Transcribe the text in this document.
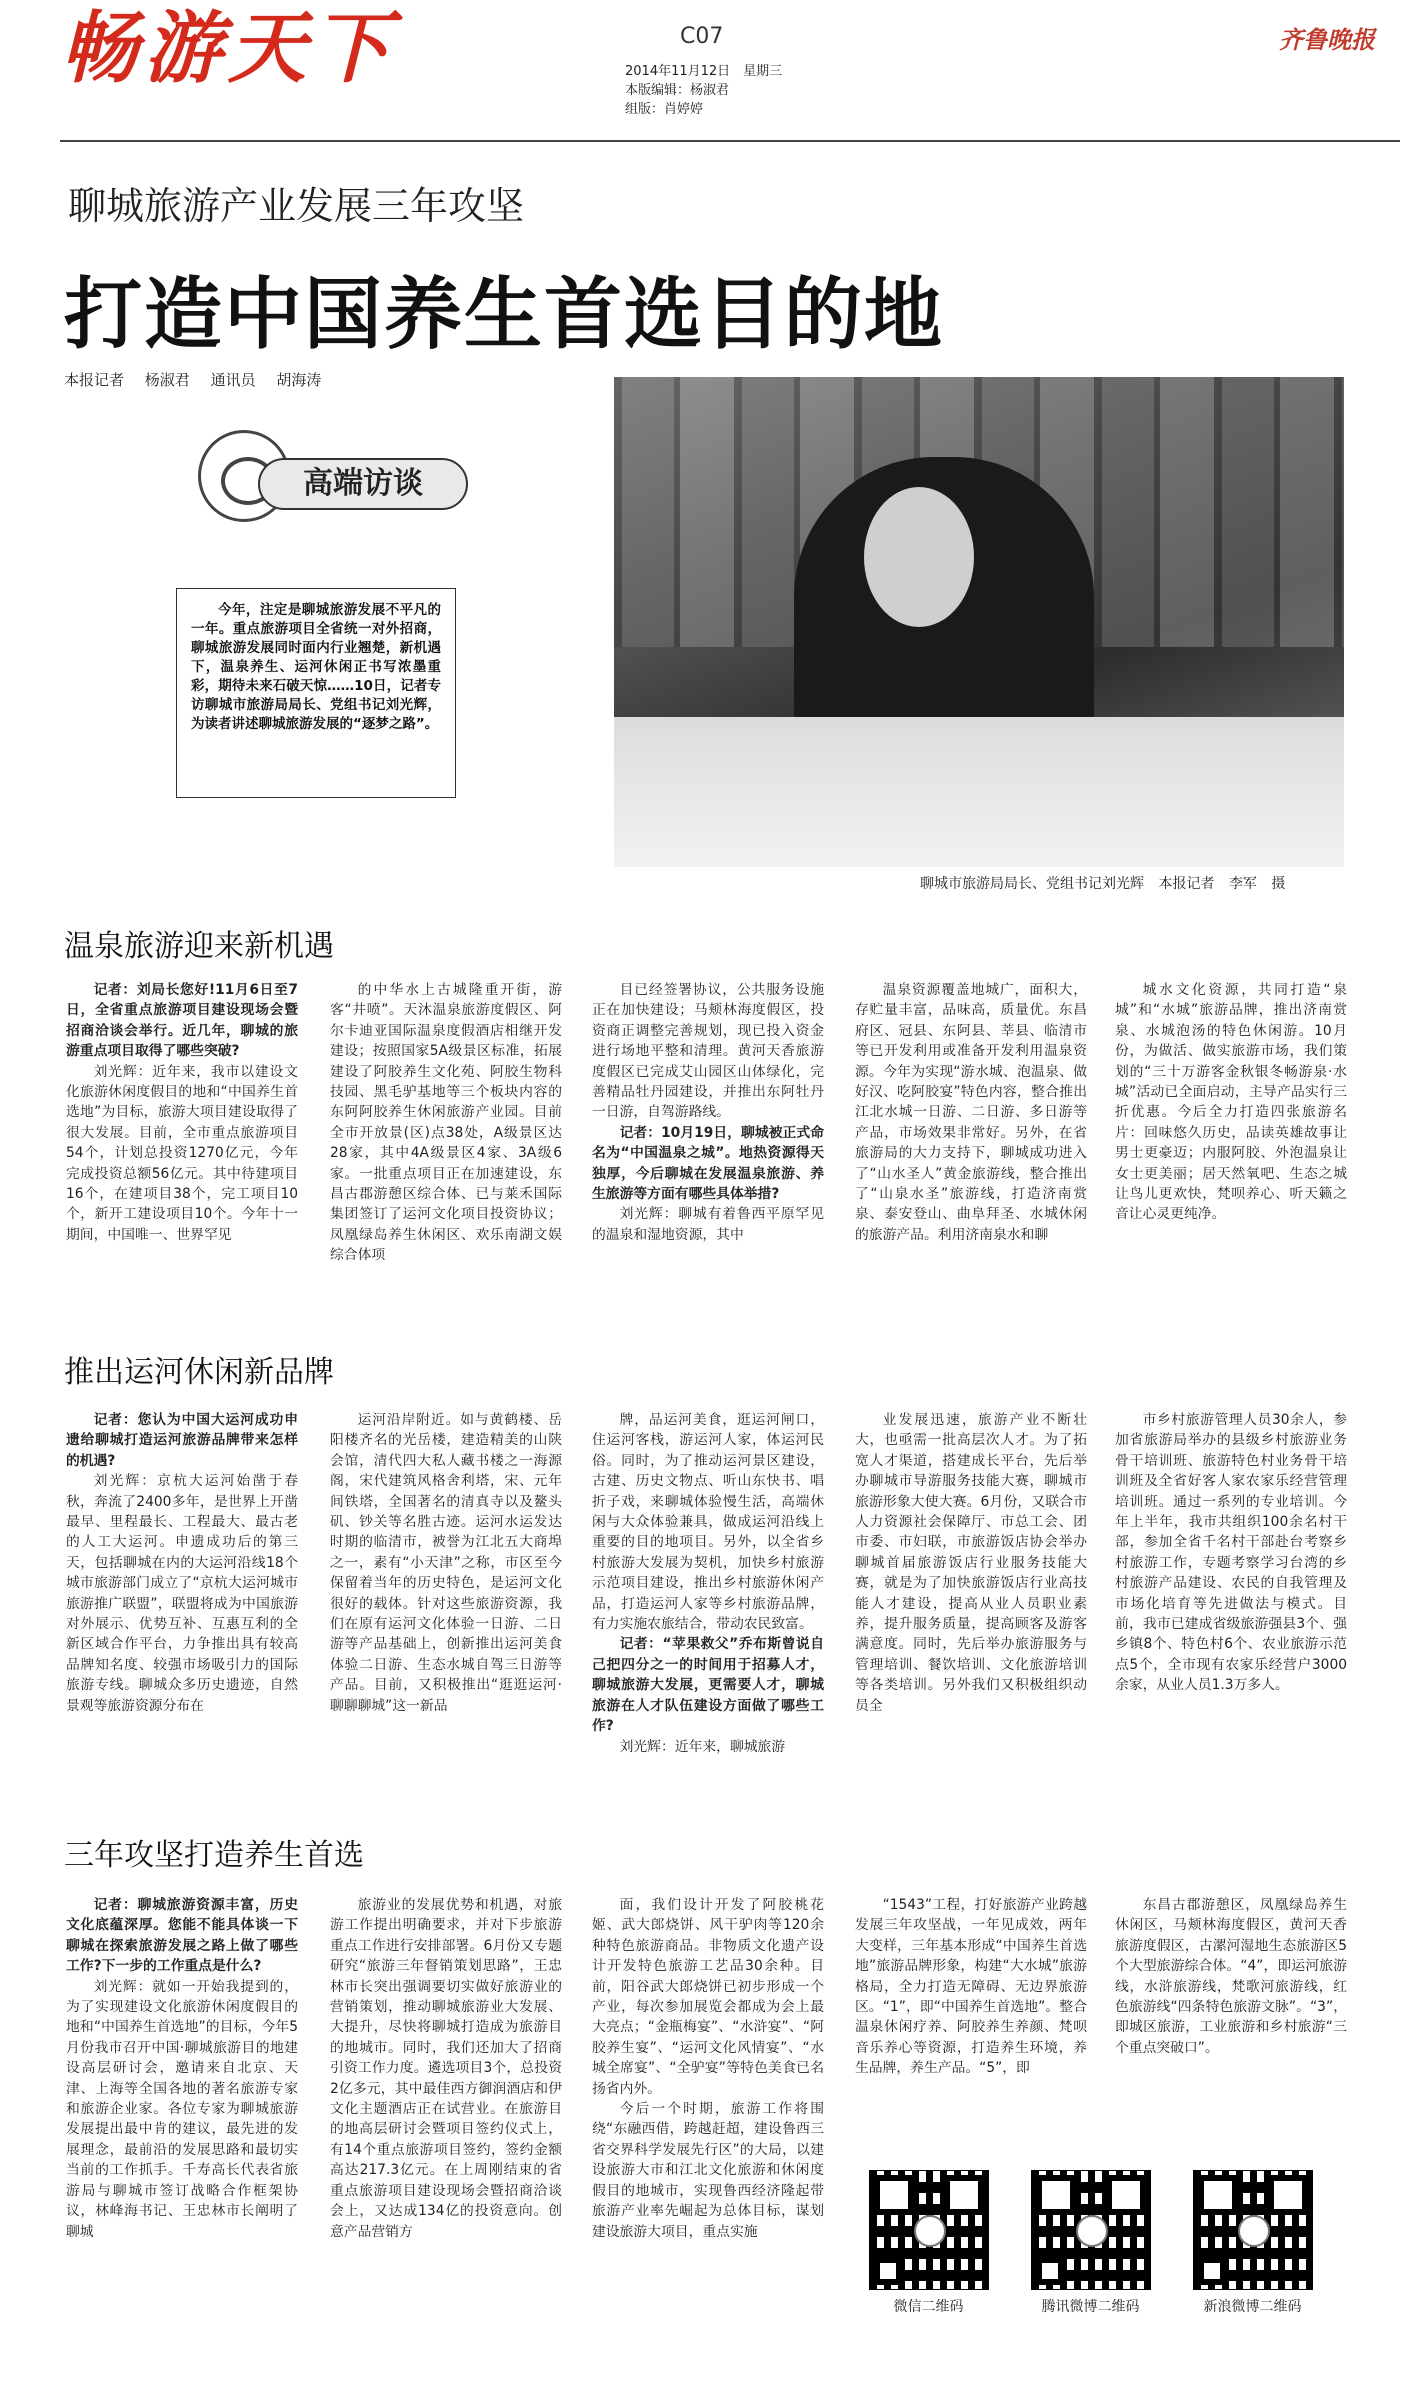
畅游天下	C07
2014年11月12日　星期三
本版编辑：杨淑君
组版：肖婷婷
齐鲁晚报
聊城旅游产业发展三年攻坚
打造中国养生首选目的地
本报记者 杨淑君 通讯员 胡海涛
高端访谈
今年，注定是聊城旅游发展不平凡的一年。重点旅游项目全省统一对外招商，聊城旅游发展同时面内行业翘楚，新机遇下，温泉养生、运河休闲正书写浓墨重彩，期待未来石破天惊……10日，记者专访聊城市旅游局局长、党组书记刘光辉，为读者讲述聊城旅游发展的“逐梦之路”。
聊城市旅游局局长、党组书记刘光辉 本报记者 李军 摄
温泉旅游迎来新机遇

记者：刘局长您好!11月6日至7日，全省重点旅游项目建设现场会暨招商洽谈会举行。近几年，聊城的旅游重点项目取得了哪些突破?

刘光辉：近年来，我市以建设文化旅游休闲度假目的地和“中国养生首选地”为目标，旅游大项目建设取得了很大发展。目前，全市重点旅游项目54个，计划总投资1270亿元，今年完成投资总额56亿元。其中待建项目16个，在建项目38个，完工项目10个，新开工建设项目10个。今年十一期间，中国唯一、世界罕见

的中华水上古城隆重开街，游客“井喷”。天沐温泉旅游度假区、阿尔卡迪亚国际温泉度假酒店相继开发建设；按照国家5A级景区标准，拓展建设了阿胶养生文化苑、阿胶生物科技园、黑毛驴基地等三个板块内容的东阿阿胶养生休闲旅游产业园。目前全市开放景(区)点38处，A级景区达28家，其中4A级景区4家、3A级6家。一批重点项目正在加速建设，东昌古郡游憩区综合体、已与莱禾国际集团签订了运河文化项目投资协议；凤凰绿岛养生休闲区、欢乐南湖文娱综合体项

目已经签署协议，公共服务设施正在加快建设；马颊林海度假区，投资商正调整完善规划，现已投入资金进行场地平整和清理。黄河天香旅游度假区已完成艾山园区山体绿化，完善精品牡丹园建设，并推出东阿牡丹一日游，自驾游路线。

记者：10月19日，聊城被正式命名为“中国温泉之城”。地热资源得天独厚，今后聊城在发展温泉旅游、养生旅游等方面有哪些具体举措?

刘光辉：聊城有着鲁西平原罕见的温泉和湿地资源，其中

温泉资源覆盖地城广，面积大，存贮量丰富，品味高，质量优。东昌府区、冠县、东阿县、莘县、临清市等已开发利用或准备开发利用温泉资源。今年为实现“游水城、泡温泉、做好汉、吃阿胶宴”特色内容，整合推出江北水城一日游、二日游、多日游等产品，市场效果非常好。另外，在省旅游局的大力支持下，聊城成功进入了“山水圣人”黄金旅游线，整合推出了“山泉水圣”旅游线，打造济南赏泉、泰安登山、曲阜拜圣、水城休闲的旅游产品。利用济南泉水和聊

城水文化资源，共同打造“泉城”和“水城”旅游品牌，推出济南赏泉、水城泡汤的特色休闲游。10月份，为做活、做实旅游市场，我们策划的“三十万游客金秋银冬畅游泉·水城”活动已全面启动，主导产品实行三折优惠。今后全力打造四张旅游名片：回味悠久历史，品读英雄故事让男士更豪迈；内服阿胶、外泡温泉让女士更美丽；居天然氧吧、生态之城让鸟儿更欢快，梵呗养心、听天籁之音让心灵更纯净。

推出运河休闲新品牌

记者：您认为中国大运河成功申遗给聊城打造运河旅游品牌带来怎样的机遇?

刘光辉：京杭大运河始凿于春秋，奔流了2400多年，是世界上开凿最早、里程最长、工程最大、最古老的人工大运河。申遗成功后的第三天，包括聊城在内的大运河沿线18个城市旅游部门成立了“京杭大运河城市旅游推广联盟”，联盟将成为中国旅游对外展示、优势互补、互惠互利的全新区域合作平台，力争推出具有较高品牌知名度、较强市场吸引力的国际旅游专线。聊城众多历史遗迹，自然景观等旅游资源分布在

运河沿岸附近。如与黄鹤楼、岳阳楼齐名的光岳楼，建造精美的山陕会馆，清代四大私人藏书楼之一海源阁，宋代建筑风格舍利塔，宋、元年间铁塔，全国著名的清真寺以及鳌头矶、钞关等名胜古迹。运河水运发达时期的临清市，被誉为江北五大商埠之一，素有“小天津”之称，市区至今保留着当年的历史特色，是运河文化很好的载体。针对这些旅游资源，我们在原有运河文化体验一日游、二日游等产品基础上，创新推出运河美食体验二日游、生态水城自驾三日游等产品。目前，又积极推出“逛逛运河·聊聊聊城”这一新品

牌，品运河美食，逛运河闸口，住运河客栈，游运河人家，体运河民俗。同时，为了推动运河景区建设，古建、历史文物点、听山东快书、唱折子戏，来聊城体验慢生活，高端休闲与大众体验兼具，做成运河沿线上重要的目的地项目。另外，以全省乡村旅游大发展为契机，加快乡村旅游示范项目建设，推出乡村旅游休闲产品，打造运河人家等乡村旅游品牌，有力实施农旅结合，带动农民致富。

记者：“苹果救父”乔布斯曾说自己把四分之一的时间用于招募人才，聊城旅游大发展，更需要人才，聊城旅游在人才队伍建设方面做了哪些工作?

刘光辉：近年来，聊城旅游

业发展迅速，旅游产业不断壮大，也亟需一批高层次人才。为了拓宽人才渠道，搭建成长平台，先后举办聊城市导游服务技能大赛，聊城市旅游形象大使大赛。6月份，又联合市人力资源社会保障厅、市总工会、团市委、市妇联，市旅游饭店协会举办聊城首届旅游饭店行业服务技能大赛，就是为了加快旅游饭店行业高技能人才建设，提高从业人员职业素养，提升服务质量，提高顾客及游客满意度。同时，先后举办旅游服务与管理培训、餐饮培训、文化旅游培训等各类培训。另外我们又积极组织动员全

市乡村旅游管理人员30余人，参加省旅游局举办的县级乡村旅游业务骨干培训班、旅游特色村业务骨干培训班及全省好客人家农家乐经营管理培训班。通过一系列的专业培训。今年上半年，我市共组织100余名村干部，参加全省千名村干部赴台考察乡村旅游工作，专题考察学习台湾的乡村旅游产品建设、农民的自我管理及市场化培育等先进做法与模式。目前，我市已建成省级旅游强县3个、强乡镇8个、特色村6个、农业旅游示范点5个，全市现有农家乐经营户3000余家，从业人员1.3万多人。

三年攻坚打造养生首选

记者：聊城旅游资源丰富，历史文化底蕴深厚。您能不能具体谈一下聊城在探索旅游发展之路上做了哪些工作?下一步的工作重点是什么?

刘光辉：就如一开始我提到的，为了实现建设文化旅游休闲度假目的地和“中国养生首选地”的目标，今年5月份我市召开中国·聊城旅游目的地建设高层研讨会，邀请来自北京、天津、上海等全国各地的著名旅游专家和旅游企业家。各位专家为聊城旅游发展提出最中肯的建议，最先进的发展理念，最前沿的发展思路和最切实当前的工作抓手。千寿高长代表省旅游局与聊城市签订战略合作框架协议，林峰海书记、王忠林市长阐明了聊城

旅游业的发展优势和机遇，对旅游工作提出明确要求，并对下步旅游重点工作进行安排部署。6月份又专题研究“旅游三年督销策划思路”，王忠林市长突出强调要切实做好旅游业的营销策划，推动聊城旅游业大发展、大提升，尽快将聊城打造成为旅游目的地城市。同时，我们还加大了招商引资工作力度。遴选项目3个，总投资2亿多元，其中最佳西方御润酒店和伊文化主题酒店正在试营业。在旅游目的地高层研讨会暨项目签约仪式上，有14个重点旅游项目签约，签约金额高达217.3亿元。在上周刚结束的省重点旅游项目建设现场会暨招商洽谈会上，又达成134亿的投资意向。创意产品营销方

面，我们设计开发了阿胶桃花姬、武大郎烧饼、风干驴肉等120余种特色旅游商品。非物质文化遗产设计开发特色旅游工艺品30余种。目前，阳谷武大郎烧饼已初步形成一个产业，每次参加展览会都成为会上最大亮点；“金瓶梅宴”、“水浒宴”、“阿胶养生宴”、“运河文化风情宴”、“水城全席宴”、“全驴宴”等特色美食已名扬省内外。

今后一个时期，旅游工作将围绕“东融西借，跨越赶超，建设鲁西三省交界科学发展先行区”的大局，以建设旅游大市和江北文化旅游和休闲度假目的地城市，实现鲁西经济隆起带旅游产业率先崛起为总体目标，谋划建设旅游大项目，重点实施

“1543”工程，打好旅游产业跨越发展三年攻坚战，一年见成效，两年大变样，三年基本形成“中国养生首选地”旅游品牌形象，构建“大水城”旅游格局，全力打造无障碍、无边界旅游区。“1”，即“中国养生首选地”。整合温泉休闲疗养、阿胶养生养颜、梵呗音乐养心等资源，打造养生环境，养生品牌，养生产品。“5”，即

东昌古郡游憩区，凤凰绿岛养生休闲区，马颊林海度假区，黄河天香旅游度假区，古漯河湿地生态旅游区5个大型旅游综合体。“4”，即运河旅游线，水浒旅游线，梵歌河旅游线，红色旅游线“四条特色旅游文脉”。“3”，即城区旅游，工业旅游和乡村旅游“三个重点突破口”。

微信二维码	腾讯微博二维码	新浪微博二维码
